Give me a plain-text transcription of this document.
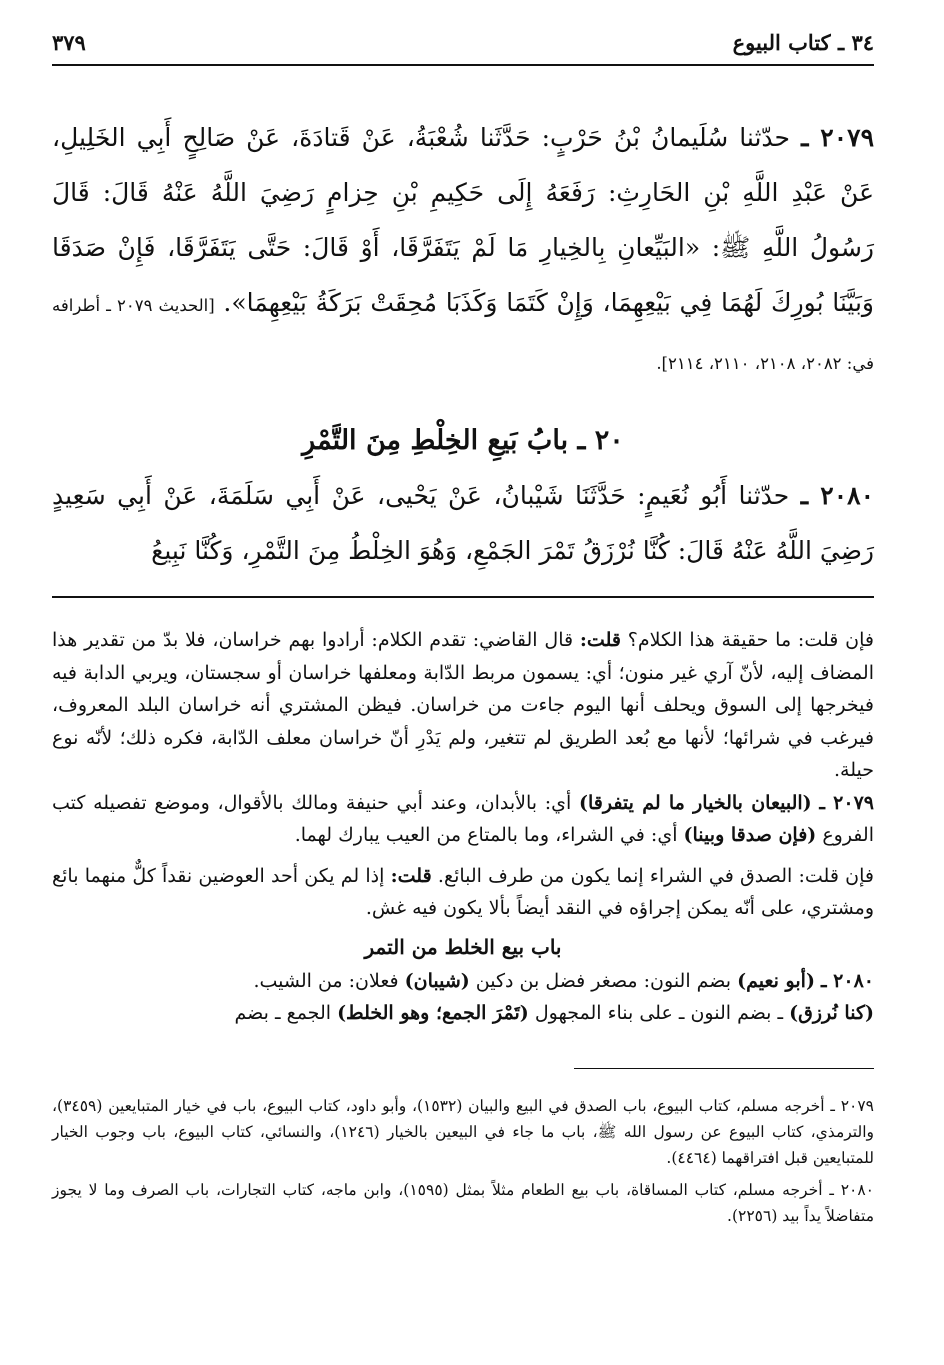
٣٤ ـ كتاب البيوع
٣٧٩

٢٠٧٩ ـ حدّثنا سُلَيمانُ بْنُ حَرْبٍ: حَدَّثَنا شُعْبَةُ، عَنْ قَتادَةَ، عَنْ صَالِحٍ أَبِي الخَلِيلِ، عَنْ عَبْدِ اللَّهِ بْنِ الحَارِثِ: رَفَعَهُ إِلَى حَكِيمِ بْنِ حِزامٍ رَضِيَ اللَّهُ عَنْهُ قَالَ: قَالَ رَسُولُ اللَّهِ ﷺ: «البَيِّعانِ بِالخِيارِ مَا لَمْ يَتَفَرَّقَا، أَوْ قَالَ: حَتَّى يَتَفَرَّقَا، فَإِنْ صَدَقَا وَبَيَّنَا بُورِكَ لَهُمَا فِي بَيْعِهِمَا، وَإِنْ كَتَمَا وَكَذَبَا مُحِقَتْ بَرَكَةُ بَيْعِهِمَا». [الحديث ٢٠٧٩ ـ أطرافه في: ٢٠٨٢، ٢١٠٨، ٢١١٠، ٢١١٤].

٢٠ ـ بابُ بَيعِ الخِلْطِ مِنَ التَّمْرِ

٢٠٨٠ ـ حدّثنا أَبُو نُعَيمٍ: حَدَّثَنَا شَيْبانُ، عَنْ يَحْيى، عَنْ أَبِي سَلَمَةَ، عَنْ أَبِي سَعِيدٍ رَضِيَ اللَّهُ عَنْهُ قَالَ: كُنَّا نُرْزَقُ تَمْرَ الجَمْعِ، وَهُوَ الخِلْطُ مِنَ التَّمْرِ، وَكُنَّا نَبِيعُ

فإن قلت: ما حقيقة هذا الكلام؟ قلت: قال القاضي: تقدم الكلام: أرادوا بهم خراسان، فلا بدّ من تقدير هذا المضاف إليه، لأنّ آري غير منون؛ أي: يسمون مربط الدّابة ومعلفها خراسان أو سجستان، ويربي الدابة فيه فيخرجها إلى السوق ويحلف أنها اليوم جاءت من خراسان. فيظن المشتري أنه خراسان البلد المعروف، فيرغب في شرائها؛ لأنها مع بُعد الطريق لم تتغير، ولم يَدْرِ أنّ خراسان معلف الدّابة، فكره ذلك؛ لأنّه نوع حيلة.

٢٠٧٩ ـ (البيعان بالخيار ما لم يتفرقا) أي: بالأبدان، وعند أبي حنيفة ومالك بالأقوال، وموضع تفصيله كتب الفروع (فإن صدقا وبينا) أي: في الشراء، وما بالمتاع من العيب يبارك لهما.

فإن قلت: الصدق في الشراء إنما يكون من طرف البائع. قلت: إذا لم يكن أحد العوضين نقداً كلٌّ منهما بائع ومشتري، على أنّه يمكن إجراؤه في النقد أيضاً بألا يكون فيه غش.

باب بيع الخلط من التمر

٢٠٨٠ ـ (أبو نعيم) بضم النون: مصغر فضل بن دكين (شيبان) فعلان: من الشيب.

(كنا نُرزق) ـ بضم النون ـ على بناء المجهول (تَمْرَ الجمع؛ وهو الخلط) الجمع ـ بضم

٢٠٧٩ ـ أخرجه مسلم، كتاب البيوع، باب الصدق في البيع والبيان (١٥٣٢)، وأبو داود، كتاب البيوع، باب في خيار المتبايعين (٣٤٥٩)، والترمذي، كتاب البيوع عن رسول الله ﷺ، باب ما جاء في البيعين بالخيار (١٢٤٦)، والنسائي، كتاب البيوع، باب وجوب الخيار للمتبايعين قبل افتراقهما (٤٤٦٤).

٢٠٨٠ ـ أخرجه مسلم، كتاب المساقاة، باب بيع الطعام مثلاً بمثل (١٥٩٥)، وابن ماجه، كتاب التجارات، باب الصرف وما لا يجوز متفاضلاً يداً بيد (٢٢٥٦).
